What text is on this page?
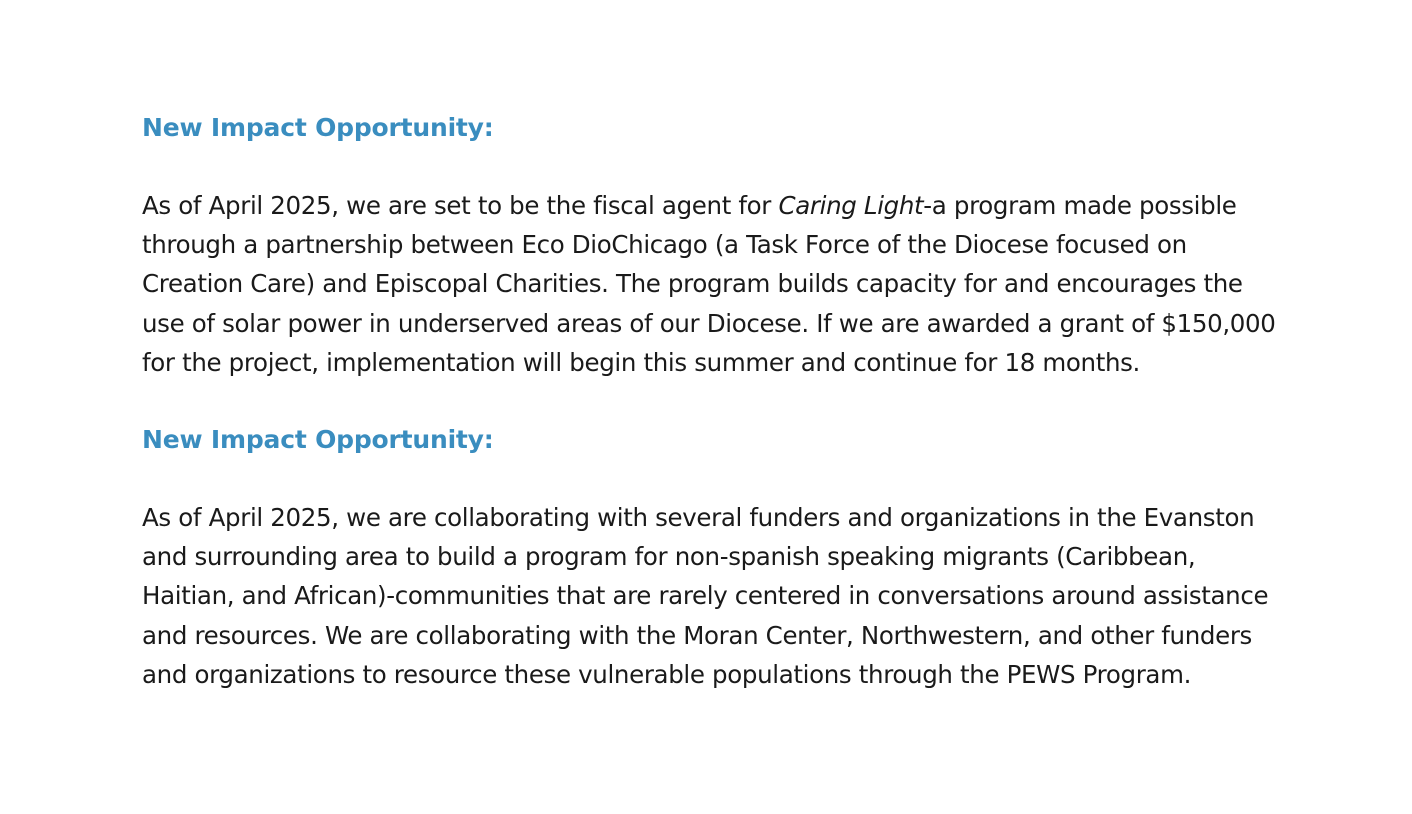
New Impact Opportunity:

As of April 2025, we are set to be the fiscal agent for Caring Light-a program made possible through a partnership between Eco DioChicago (a Task Force of the Diocese focused on Creation Care) and Episcopal Charities. The program builds capacity for and encourages the use of solar power in underserved areas of our Diocese. If we are awarded a grant of $150,000 for the project, implementation will begin this summer and continue for 18 months.

New Impact Opportunity:

As of April 2025, we are collaborating with several funders and organizations in the Evanston and surrounding area to build a program for non-spanish speaking migrants (Caribbean, Haitian, and African)-communities that are rarely centered in conversations around assistance and resources. We are collaborating with the Moran Center, Northwestern, and other funders and organizations to resource these vulnerable populations through the PEWS Program.
